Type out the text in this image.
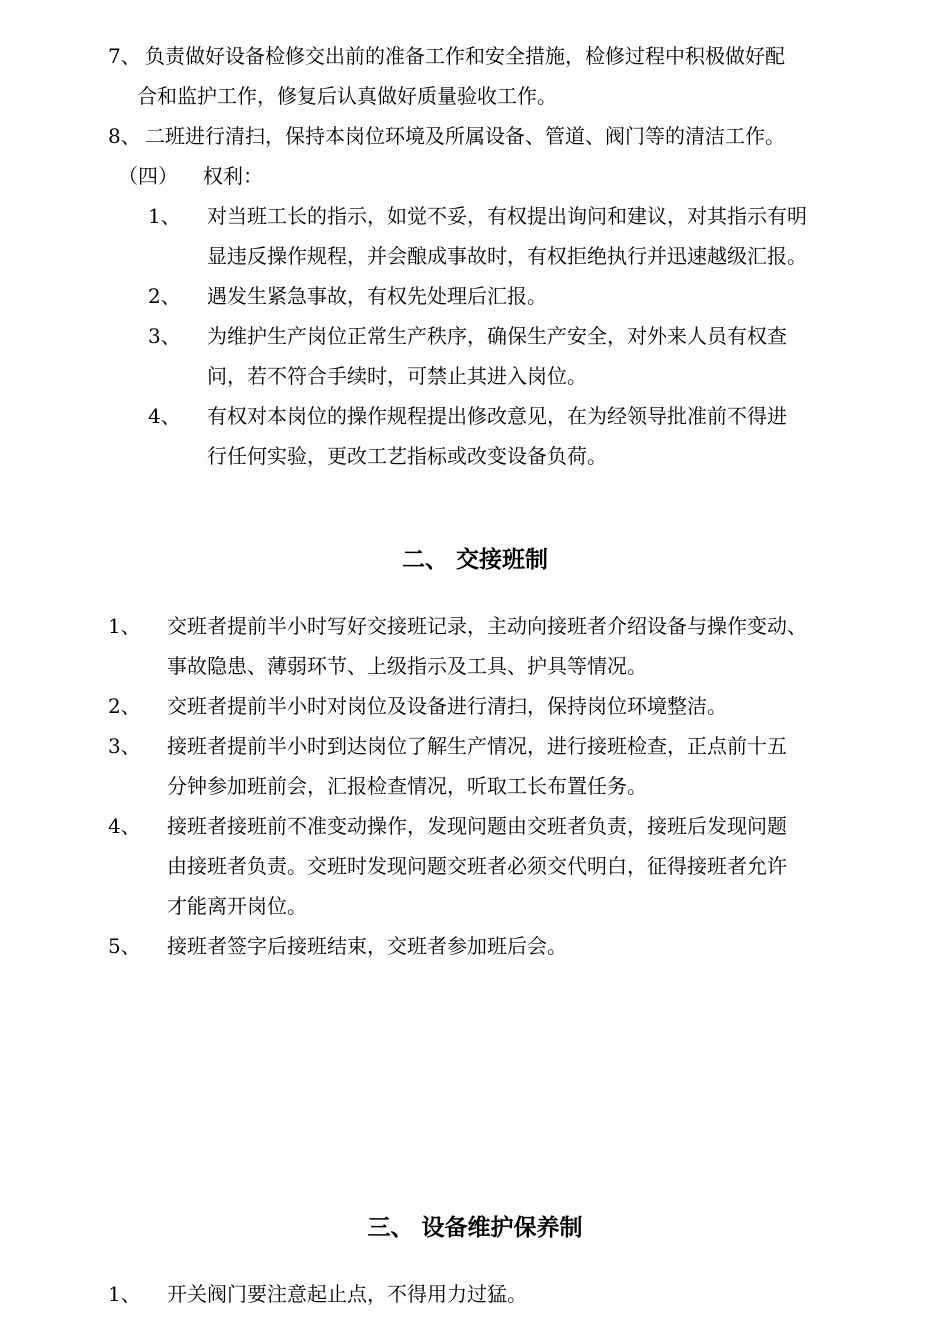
7、 负责做好设备检修交出前的准备工作和安全措施，检修过程中积极做好配
合和监护工作，修复后认真做好质量验收工作。
8、 二班进行清扫，保持本岗位环境及所属设备、管道、阀门等的清洁工作。
（四） 权利：
1、 对当班工长的指示，如觉不妥，有权提出询问和建议，对其指示有明
显违反操作规程，并会酿成事故时，有权拒绝执行并迅速越级汇报。
2、 遇发生紧急事故，有权先处理后汇报。
3、 为维护生产岗位正常生产秩序，确保生产安全，对外来人员有权查
问，若不符合手续时，可禁止其进入岗位。
4、 有权对本岗位的操作规程提出修改意见，在为经领导批准前不得进
行任何实验，更改工艺指标或改变设备负荷。
二、 交接班制
1、 交班者提前半小时写好交接班记录，主动向接班者介绍设备与操作变动、
事故隐患、薄弱环节、上级指示及工具、护具等情况。
2、 交班者提前半小时对岗位及设备进行清扫，保持岗位环境整洁。
3、 接班者提前半小时到达岗位了解生产情况，进行接班检查，正点前十五
分钟参加班前会，汇报检查情况，听取工长布置任务。
4、 接班者接班前不准变动操作，发现问题由交班者负责，接班后发现问题
由接班者负责。交班时发现问题交班者必须交代明白，征得接班者允许
才能离开岗位。
5、 接班者签字后接班结束，交班者参加班后会。
三、 设备维护保养制
1、 开关阀门要注意起止点，不得用力过猛。
